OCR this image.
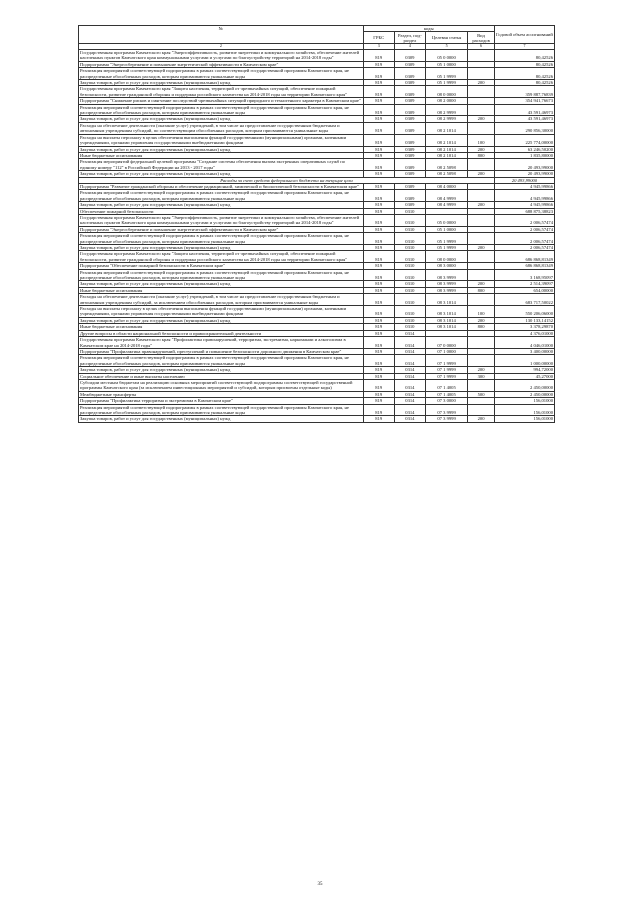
№	коды				Годовой объем ассигнований
	ГРБС	Раздел, под-раздел	Целевая статья	Вид расходов	
2	3	4	5	6	7
Государственная программа Камчатского края "Энергоэффективность, развитие энергетики и коммунального хозяйства, обеспечение жителей населенных пунктов Камчатского края коммунальными услугами и услугами по благоустройству территорий на 2014-2018 годы"	819	0309	05 0 0000		80,42526
Подпрограмма "Энергосбережение и повышение энергетической эффективности в Камчатском крае"	819	0309	05 1 0000		80,42526
Реализация мероприятий соответствующей подпрограммы в рамках соответствующей государственной программы Камчатского края, не распределенные обособленных расходов, которым присваиваются уникальные коды	819	0309	05 1 9999		80,42526
Закупка товаров, работ и услуг для государственных (муниципальных) нужд	819	0309	05 1 9999	200	80,42526
Государственная программа Камчатского края "Защита населения, территорий от чрезвычайных ситуаций, обеспечение пожарной безопасности, развитие гражданской обороны и поддержка российского казачества на 2014-2018 годы на территории Камчатского края"	819	0309	08 0 0000		359 887,76839
Подпрограмма "Снижение рисков и смягчение последствий чрезвычайных ситуаций природного и техногенного характера в Камчатском крае"	819	0309	08 2 0000		354 941,76673
Реализация мероприятий соответствующей подпрограммы в рамках соответствующей государственной программы Камчатского края, не распределенные обособленных расходов, которым присваиваются уникальные коды	819	0309	08 2 9999		43 591,46973
Закупка товаров, работ и услуг для государственных (муниципальных) нужд	819	0309	08 2 9999	200	43 591,46973
Расходы на обеспечение деятельности (оказание услуг) учреждений, в том числе на предоставление государственным бюджетным и автономным учреждениям субсидий, по соответствующим обособленных расходов, которым присваиваются уникальные коды	819	0309	08 2 1014		290 856,30000
Расходы на выплаты персоналу в целях обеспечения выполнения функций государственными (муниципальными) органами, казенными учреждениями, органами управления государственными внебюджетными фондами	819	0309	08 2 1014	100	225 774,00000
Закупка товаров, работ и услуг для государственных (муниципальных) нужд	819	0309	08 2 1014	200	63 246,50200
Иные бюджетные ассигнования	819	0309	08 2 1014	800	1 835,80000
Реализация мероприятий федеральной целевой программы "Создание системы обеспечения вызова экстренных оперативных служб по единому номеру "112" в Российской Федерации на 2013 - 2017 годы"	819	0309	08 2 5098		20 493,99000
Закупка товаров, работ и услуг для государственных (муниципальных) нужд	819	0309	08 2 5098	200	20 493,99000
Расходы за счет средств федерального бюджета на текущие цели					20 493,99000
Подпрограмма "Развитие гражданской обороны и обеспечение радиационной, химической и биологической безопасности в Камчатском крае"	819	0309	08 4 0000		4 945,99866
Реализация мероприятий соответствующей подпрограммы в рамках соответствующей государственной программы Камчатского края, не распределенные обособленных расходов, которым присваиваются уникальные коды	819	0309	08 4 9999		4 945,99866
Закупка товаров, работ и услуг для государственных (муниципальных) нужд	819	0309	08 4 9999	200	4 945,99866
Обеспечение пожарной безопасности	819	0310			688 875,38823
Государственная программа Камчатского края "Энергоэффективность, развитие энергетики и коммунального хозяйства, обеспечение жителей населенных пунктов Камчатского края коммунальными услугами и услугами по благоустройству территорий на 2014-2018 годы"	819	0310	05 0 0000		2 006,57474
Подпрограмма "Энергосбережение и повышение энергетической эффективности в Камчатском крае"	819	0310	05 1 0000		2 006,57474
Реализация мероприятий соответствующей подпрограммы в рамках соответствующей государственной программы Камчатского края, не распределенные обособленных расходов, которым присваиваются уникальные коды	819	0310	05 1 9999		2 006,57474
Закупка товаров, работ и услуг для государственных (муниципальных) нужд	819	0310	05 1 9999	200	2 006,57474
Государственная программа Камчатского края "Защита населения, территорий от чрезвычайных ситуаций, обеспечение пожарной безопасности, развитие гражданской обороны и поддержка российского казачества на 2014-2018 годы на территории Камчатского края"	819	0310	08 0 0000		686 868,81349
Подпрограмма "Обеспечение пожарной безопасности в Камчатском крае"	819	0310	08 3 0000		686 868,81349
Реализация мероприятий соответствующей подпрограммы в рамках соответствующей государственной программы Камчатского края, не распределенные обособленных расходов, которым присваиваются уникальные коды	819	0310	08 3 9999		3 168,95097
Закупка товаров, работ и услуг для государственных (муниципальных) нужд	819	0310	08 3 9999	200	2 514,39097
Иные бюджетные ассигнования	819	0310	08 3 9999	800	654,00000
Расходы на обеспечение деятельности (оказание услуг) учреждений, в том числе на предоставление государственным бюджетным и автономным учреждениям субсидий, за исключением обособленных расходов, которым присваиваются уникальные коды	819	0310	08 3 1014		683 717,50022
Расходы на выплаты персоналу в целях обеспечения выполнения функций государственными (муниципальными) органами, казенными учреждениями, органами управления государственными внебюджетными фондами	819	0310	08 3 1014	100	550 206,06000
Закупка товаров, работ и услуг для государственных (муниципальных) нужд	819	0310	08 3 1014	200	130 133,14152
Иные бюджетные ассигнования	819	0310	08 3 1014	800	3 378,29870
Другие вопросы в области национальной безопасности и правоохранительной деятельности	819	0314			4 376,01000
Государственная программа Камчатского края "Профилактика правонарушений, терроризма, экстремизма, наркомании и алкоголизма в Камчатском крае на 2014-2018 годы"	819	0314	07 0 0000		4 046,01000
Подпрограмма "Профилактика правонарушений, преступлений и повышение безопасности дорожного движения в Камчатском крае"	819	0314	07 1 0000		3 400,00000
Реализация мероприятий соответствующей подпрограммы в рамках соответствующей государственной программы Камчатского края, не распределенные обособленных расходов, которым присваиваются уникальные коды	819	0314	07 1 9999		1 000,00000
Закупка товаров, работ и услуг для государственных (муниципальных) нужд	819	0314	07 1 9999	200	994,72000
Социальное обеспечение и иные выплаты населению	819	0314	07 1 9999	300	45,27000
Субсидии местным бюджетам на реализацию основных мероприятий соответствующей подпрограммы соответствующей государственной программы Камчатского края (за исключением инвестиционных мероприятий и субсидий, которым присвоены отдельные коды)	819	0314	07 1 4005		2 450,00000
Межбюджетные трансферты	819	0314	07 1 4005	500	2 450,00000
Подпрограмма "Профилактика терроризма и экстремизма в Камчатском крае"	819	0314	07 3 0000		156,01000
Реализация мероприятий соответствующей подпрограммы в рамках соответствующей государственной программы Камчатского края, не распределенные обособленных расходов, которым присваиваются уникальные коды	819	0314	07 3 9999		156,01000
Закупка товаров, работ и услуг для государственных (муниципальных) нужд	819	0314	07 3 9999	200	156,01000
35
